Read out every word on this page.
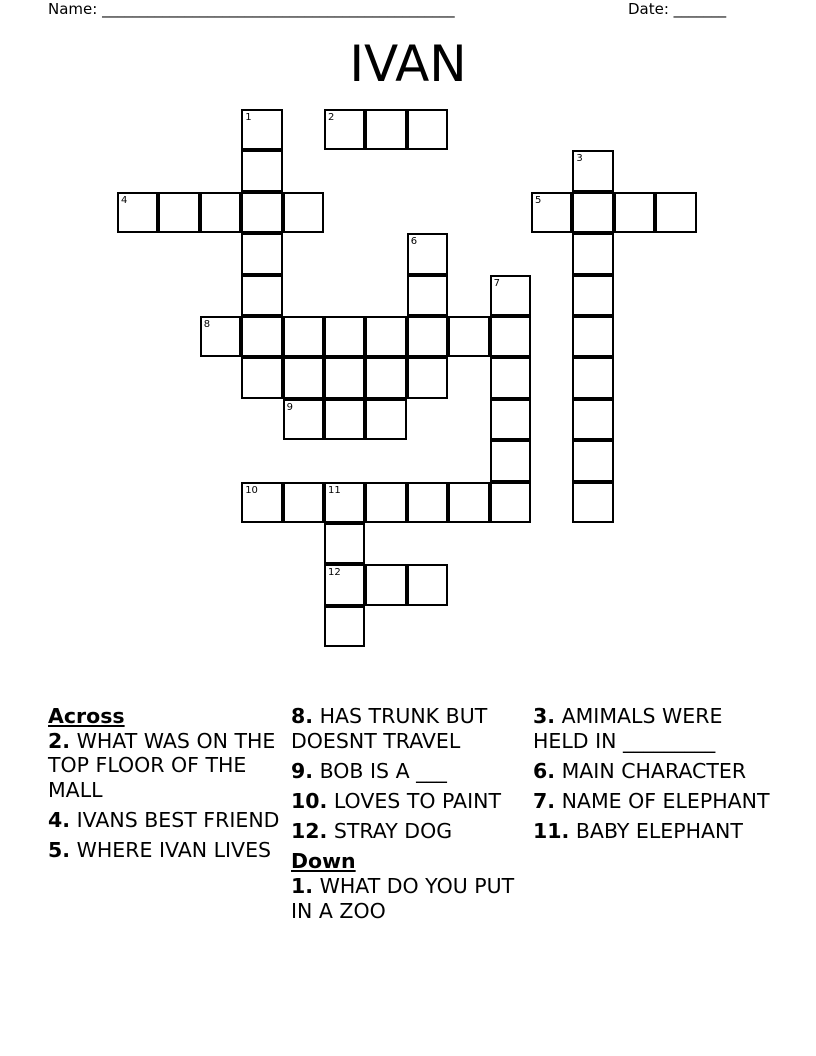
Name: _______________________________________________	Date: _______
IVAN
1	2
3
4	5
6
7
8
9
10	11
12
Across
2. WHAT WAS ON THE TOP FLOOR OF THE MALL
4. IVANS BEST FRIEND
5. WHERE IVAN LIVES
8. HAS TRUNK BUT DOESNT TRAVEL
9. BOB IS A ___
10. LOVES TO PAINT
12. STRAY DOG
Down
1. WHAT DO YOU PUT IN A ZOO
3. AMIMALS WERE HELD IN _________
6. MAIN CHARACTER
7. NAME OF ELEPHANT
11. BABY ELEPHANT
